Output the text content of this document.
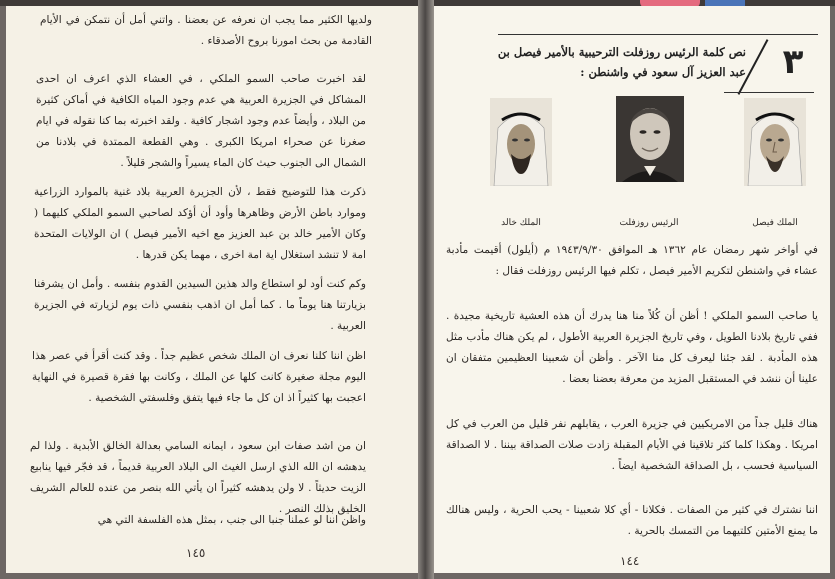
ولديها الكثير مما يجب ان نعرفه عن بعضنا . واتني أمل أن نتمكن في الأيام القادمة من بحث امورنا بروح الأصدقاء .

لقد اخبرت صاحب السمو الملكي ، في العشاء الذي اعرف ان احدى المشاكل في الجزيرة العربية هي عدم وجود المياه الكافية في أماكن كثيرة من البلاد ، وأيضاً عدم وجود اشجار كافية . ولقد اخبرته بما كنا نقوله في ايام صغرنا عن صحراء امريكا الكبرى . وهي القطعة الممتدة في بلادنا من الشمال الى الجنوب حيث كان الماء يسيراً والشجر قليلاً .

ذكرت هذا للتوضيح فقط ، لأن الجزيرة العربية بلاد غنية بالموارد الزراعية وموارد باطن الأرض وظاهرها وأود أن أؤكد لصاحبي السمو الملكي كليهما ( وكان الأمير خالد بن عبد العزيز مع اخيه الأمير فيصل ) ان الولايات المتحدة امة لا تنشد استغلال اية امة اخرى ، مهما يكن قدرها .

وكم كنت أود لو استطاع والد هذين السيدين القدوم بنفسه . وأمل ان يشرفنا بزيارتنا هنا يوماً ما . كما أمل ان اذهب بنفسي ذات يوم لزيارته في الجزيرة العربية .

اظن اننا كلنا نعرف ان الملك شخص عظيم جداً . وقد كنت أقرأ في عصر هذا اليوم مجلة صغيرة كانت كلها عن الملك ، وكانت بها فقرة قصيرة في النهاية اعجبت بها كثيراً اذ ان كل ما جاء فيها يتفق وفلسفتي الشخصية .

ان من اشد صفات ابن سعود ، ايمانه السامي بعدالة الخالق الأبدية . ولذا لم يدهشه ان الله الذي ارسل الغيث الى البلاد العربية قديماً ، قد فجّر فيها ينابيع الزيت حديثاً . لا ولن يدهشه كثيراً ان يأتي الله بنصر من عنده للعالم الشريف الخليق بذلك النصر .

واظن اننا لو عملنا جنبا الى جنب ، بمثل هذه الفلسفة التي هي

١٤٥
٣
نص كلمة الرئيس روزفلت الترحيبية بالأمير فيصل بن عبد العزيز آل سعود في واشنطن :
الملك فيصل
الرئيس روزفلت
الملك خالد

في أواخر شهر رمضان عام ١٣٦٢ هـ الموافق ١٩٤٣/٩/٣٠ م (أيلول) أقيمت مأدبة عشاء في واشنطن لتكريم الأمير فيصل ، تكلم فيها الرئيس روزفلت فقال :

يا صاحب السمو الملكي ! أظن أن كُلاً منا هنا يدرك أن هذه العشية تاريخية مجيدة . ففي تاريخ بلادنا الطويل ، وفي تاريخ الجزيرة العربية الأطول ، لم يكن هناك مأدب مثل هذه المأدبة . لقد جئنا ليعرف كل منا الآخر . وأظن أن شعبينا العظيمين متفقان ان علينا أن ننشد في المستقبل المزيد من معرفة بعضنا بعضا .

هناك قليل جداً من الامريكيين في جزيرة العرب ، يقابلهم نفر قليل من العرب في كل امريكا . وهكذا كلما كثر تلاقينا في الأيام المقبلة زادت صلات الصداقة بيننا . لا الصداقة السياسية فحسب ، بل الصداقة الشخصية ايضاً .

اننا نشترك في كثير من الصفات . فكلانا - أي كلا شعبينا - يحب الحرية ، وليس هنالك ما يمنع الأمتين كلتيهما من التمسك بالحرية .

١٤٤
